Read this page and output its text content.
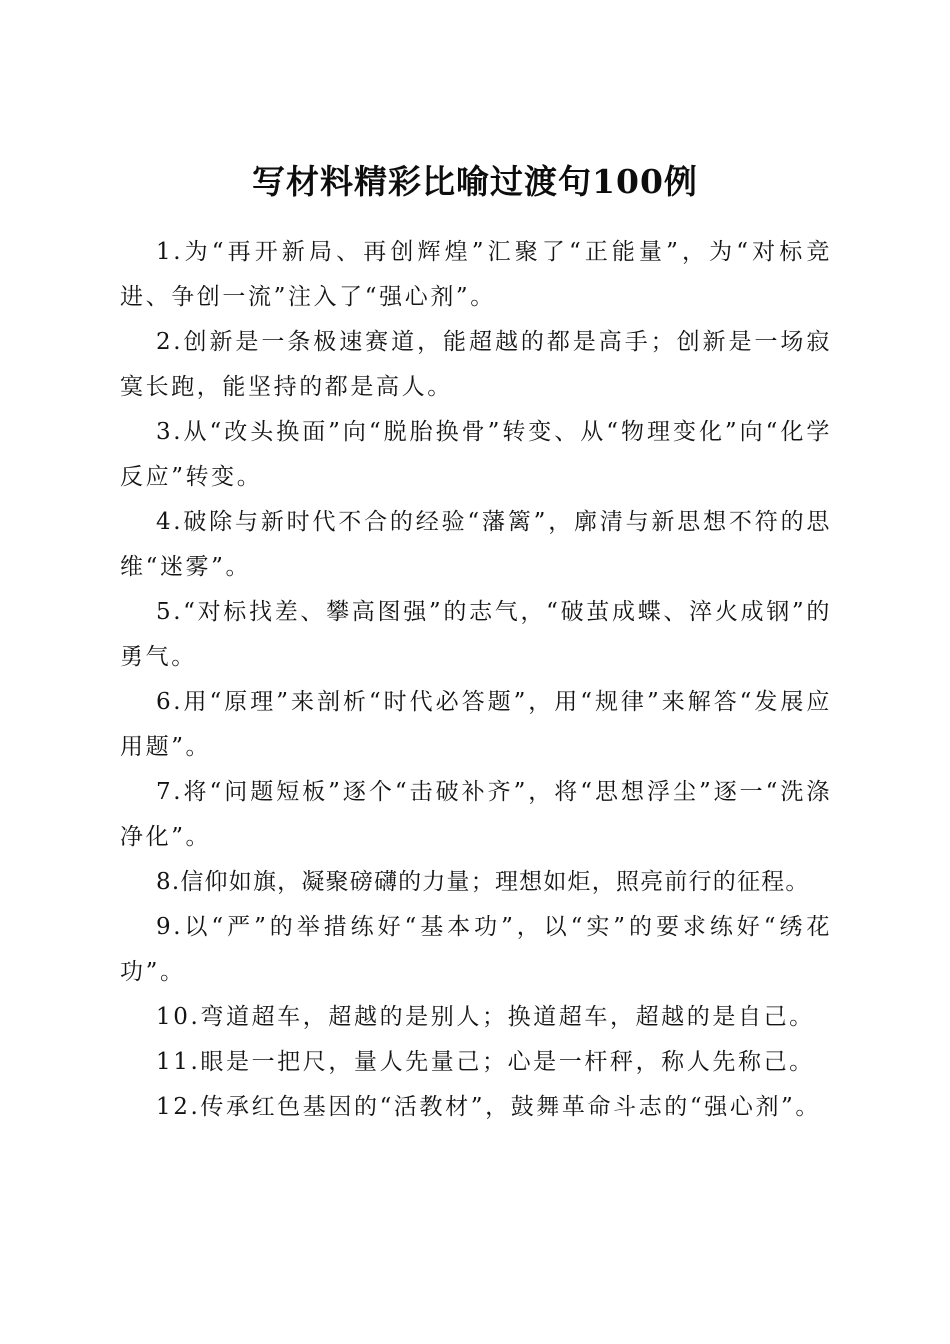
写材料精彩比喻过渡句100例

1.为“再开新局、再创辉煌”汇聚了“正能量”，为“对标竞进、争创一流”注入了“强心剂”。

2.创新是一条极速赛道，能超越的都是高手；创新是一场寂寞长跑，能坚持的都是高人。

3.从“改头换面”向“脱胎换骨”转变、从“物理变化”向“化学反应”转变。

4.破除与新时代不合的经验“藩篱”，廓清与新思想不符的思维“迷雾”。

5.“对标找差、攀高图强”的志气，“破茧成蝶、淬火成钢”的勇气。

6.用“原理”来剖析“时代必答题”，用“规律”来解答“发展应用题”。

7.将“问题短板”逐个“击破补齐”，将“思想浮尘”逐一“洗涤净化”。

8.信仰如旗，凝聚磅礴的力量；理想如炬，照亮前行的征程。

9.以“严”的举措练好“基本功”，以“实”的要求练好“绣花功”。

10.弯道超车，超越的是别人；换道超车，超越的是自己。

11.眼是一把尺，量人先量己；心是一杆秤，称人先称己。

12.传承红色基因的“活教材”，鼓舞革命斗志的“强心剂”。
